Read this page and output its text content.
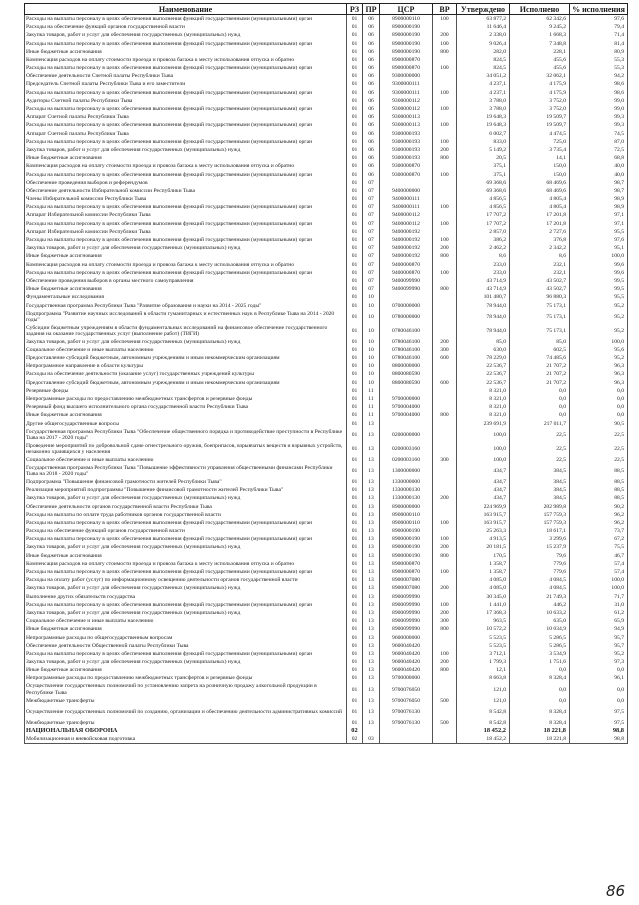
Наименование	РЗ	ПР	ЦСР	ВР	Утверждено	Исполнено	% исполнения
Расходы на выплаты персоналу в целях обеспечения выполнения функций государственными (муниципальными) орган	01	06	8900000110	100	63 877,2	62 342,6	97,6
Расходы на обеспечение функций органов государственной власти	01	06	8900000190		11 646,4	9 245,2	79,4
Закупка товаров, работ и услуг для обеспечения государственных (муниципальных) нужд	01	06	8900000190	200	2 338,0	1 668,3	71,4
Расходы на выплаты персоналу в целях обеспечения выполнения функций государственными (муниципальными) орган	01	06	8900000190	100	9 026,4	7 348,8	81,4
Иные бюджетные ассигнования	01	06	8900000190	800	282,0	228,1	80,9
Компенсация расходов на оплату стоимости проезда и провоза багажа к месту использования отпуска и обратно	01	06	8900000870		824,5	455,6	55,3
Расходы на выплаты персоналу в целях обеспечения выполнения функций государственными (муниципальными) орган	01	06	8900000870	100	824,5	455,6	55,3
Обеспечение деятельности Счетной палаты Республики Тыва	01	06	9300000000		34 051,2	32 062,1	94,2
Председатель Счетной палаты Республики Тыва и его заместители	01	06	9300000111		4 237,1	4 175,9	98,6
Расходы на выплаты персоналу в целях обеспечения выполнения функций государственными (муниципальными) орган	01	06	9300000111	100	4 237,1	4 175,9	98,6
Аудиторы Счетной палаты Республики Тыва	01	06	9300000112		3 788,0	3 752,0	99,0
Расходы на выплаты персоналу в целях обеспечения выполнения функций государственными (муниципальными) орган	01	06	9300000112	100	3 788,0	3 752,0	99,0
Аппарат Счетной палаты Республики Тыва	01	06	9300000113		19 648,3	19 509,7	99,3
Расходы на выплаты персоналу в целях обеспечения выполнения функций государственными (муниципальными) орган	01	06	9300000113	100	19 648,3	19 509,7	99,3
Аппарат Счетной палаты Республики Тыва	01	06	9300000193		6 002,7	4 474,5	74,5
Расходы на выплаты персоналу в целях обеспечения выполнения функций государственными (муниципальными) орган	01	06	9300000193	100	833,0	725,0	87,0
Закупка товаров, работ и услуг для обеспечения государственных (муниципальных) нужд	01	06	9300000193	200	5 149,2	3 735,4	72,5
Иные бюджетные ассигнования	01	06	9300000193	800	20,5	14,1	68,8
Компенсация расходов на оплату стоимости проезда и провоза багажа к месту использования отпуска и обратно	01	06	9300000870		375,1	150,0	40,0
Расходы на выплаты персоналу в целях обеспечения выполнения функций государственными (муниципальными) орган	01	06	9300000870	100	375,1	150,0	40,0
Обеспечение проведения выборов и референдумов	01	07			69 368,6	68 469,6	98,7
Обеспечение деятельности Избирательной комиссии Республики Тыва	01	07	9400000000		69 368,6	68 469,6	98,7
Члены Избирательной комиссии Республики Тыва	01	07	9400000111		4 856,5	4 805,4	98,9
Расходы на выплаты персоналу в целях обеспечения выполнения функций государственными (муниципальными) орган	01	07	9400000111	100	4 856,5	4 805,4	98,9
Аппарат Избирательной комиссии Республики Тыва	01	07	9400000112		17 707,2	17 201,8	97,1
Расходы на выплаты персоналу в целях обеспечения выполнения функций государственными (муниципальными) орган	01	07	9400000112	100	17 707,2	17 201,8	97,1
Аппарат Избирательной комиссии Республики Тыва	01	07	9400000192		2 857,0	2 727,6	95,5
Расходы на выплаты персоналу в целях обеспечения выполнения функций государственными (муниципальными) орган	01	07	9400000192	100	386,2	376,8	97,6
Закупка товаров, работ и услуг для обеспечения государственных (муниципальных) нужд	01	07	9400000192	200	2 462,2	2 342,2	95,1
Иные бюджетные ассигнования	01	07	9400000192	800	8,6	8,6	100,0
Компенсация расходов на оплату стоимости проезда и провоза багажа к месту использования отпуска и обратно	01	07	9400000870		233,0	232,1	99,6
Расходы на выплаты персоналу в целях обеспечения выполнения функций государственными (муниципальными) орган	01	07	9400000870	100	233,0	232,1	99,6
Обеспечение проведения выборов в органы местного самоуправления	01	07	9400099990		43 714,9	43 502,7	99,5
Иные бюджетные ассигнования	01	07	9400099990	800	43 714,9	43 502,7	99,5
Фундаментальные исследования	01	10			101 480,7	96 880,3	95,5
Государственная программа Республики Тыва "Развитие образования и науки на 2014 - 2025 годы"	01	10	0700000000		78 944,0	75 173,1	95,2
Подпрограмма "Развитие научных исследований в области гуманитарных и естественных наук в Республике Тыва на 2014 - 2020 годы"	01	10	0780000000		78 944,0	75 173,1	95,2
Субсидии бюджетным учреждениям в области фундаментальных исследований на финансовое обеспечение государственного задания на оказание государственных услуг (выполнение работ) (ТИГИ)	01	10	0780046100		78 944,0	75 173,1	95,2
Закупка товаров, работ и услуг для обеспечения государственных (муниципальных) нужд	01	10	0780046100	200	85,0	85,0	100,0
Социальное обеспечение и иные выплаты населению	01	10	0780046100	300	630,0	602,5	95,6
Предоставление субсидий бюджетным, автономным учреждениям и иным некоммерческим организациям	01	10	0780046100	600	78 229,0	74 485,6	95,2
Непрограммное направление в области культуры	01	10	8800000000		22 536,7	21 707,2	96,3
Расходы на обеспечение деятельности (оказание услуг) государственных учреждений культуры	01	10	8800080590		22 536,7	21 707,2	96,3
Предоставление субсидий бюджетным, автономным учреждениям и иным некоммерческим организациям	01	10	8800080590	600	22 536,7	21 707,2	96,3
Резервные фонды	01	11			8 321,0	0,0	0,0
Непрограммные расходы по предоставлению межбюджетных трансфертов и резервные фонды	01	11	9700000000		8 321,0	0,0	0,0
Резервный фонд высшего исполнительного органа государственной власти Республики Тыва	01	11	9700004000		8 321,0	0,0	0,0
Иные бюджетные ассигнования	01	11	9700004000	800	8 321,0	0,0	0,0
Другие общегосударственные вопросы	01	13			239 691,9	217 011,7	90,5
Государственная программа Республики Тыва "Обеспечение общественного порядка и противодействие преступности в Республике Тыва на 2017 - 2020 годы"	01	13	0200000000		100,0	22,5	22,5
Проведение мероприятий по добровольной сдаче огнестрельного оружия, боеприпасов, взрывчатых веществ и взрывных устройств, незаконно хранящихся у населения	01	13	0200003160		100,0	22,5	22,5
Социальное обеспечение и иные выплаты населению	01	13	0200003160	300	100,0	22,5	22,5
Государственная программа Республики Тыва "Повышение эффективности управления общественными финансами Республики Тыва на 2018 - 2020 годы"	01	13	1300000000		434,7	384,5	88,5
Подпрограмма "Повышение финансовой грамотности жителей Республики Тыва"	01	13	1330000000		434,7	384,5	88,5
Реализация мероприятий подпрограммы "Повышение финансовой грамотности жителей Республики Тыва"	01	13	1330000130		434,7	384,5	88,5
Закупка товаров, работ и услуг для обеспечения государственных (муниципальных) нужд	01	13	1330000130	200	434,7	384,5	88,5
Обеспечение деятельности органов государственной власти Республики Тыва	01	13	8900000000		224 969,9	202 989,8	90,2
Расходы на выплаты по оплате труда работников органов государственной власти	01	13	8900000110		163 915,7	157 759,3	96,2
Расходы на выплаты персоналу в целях обеспечения выполнения функций государственными (муниципальными) орган	01	13	8900000110	100	163 915,7	157 759,3	96,2
Расходы на обеспечение функций органов государственной власти	01	13	8900000190		25 263,3	18 617,1	73,7
Расходы на выплаты персоналу в целях обеспечения выполнения функций государственными (муниципальными) орган	01	13	8900000190	100	4 913,5	3 299,6	67,2
Закупка товаров, работ и услуг для обеспечения государственных (муниципальных) нужд	01	13	8900000190	200	20 181,5	15 237,9	75,5
Иные бюджетные ассигнования	01	13	8900000190	800	170,5	79,6	46,7
Компенсация расходов на оплату стоимости проезда и провоза багажа к месту использования отпуска и обратно	01	13	8900000870		1 358,7	779,6	57,4
Расходы на выплаты персоналу в целях обеспечения выполнения функций государственными (муниципальными) орган	01	13	8900000870	100	1 358,7	779,6	57,4
Расходы на оплату работ (услуг) по информационному освещению деятельности органов государственной власти	01	13	8900007080		4 085,0	4 084,5	100,0
Закупка товаров, работ и услуг для обеспечения государственных (муниципальных) нужд	01	13	8900007080	200	4 085,0	4 084,5	100,0
Выполнение других обязательств государства	01	13	8900099990		30 345,0	21 749,3	71,7
Расходы на выплаты персоналу в целях обеспечения выполнения функций государственными (муниципальными) орган	01	13	8900099990	100	1 441,0	446,2	31,0
Закупка товаров, работ и услуг для обеспечения государственных (муниципальных) нужд	01	13	8900099990	200	17 368,3	10 633,2	61,2
Социальное обеспечение и иные выплаты населению	01	13	8900099990	300	963,5	635,0	65,9
Иные бюджетные ассигнования	01	13	8900099990	800	10 572,2	10 034,9	94,9
Непрограммные расходы по общегосударственным вопросам	01	13	9600000000		5 523,5	5 286,5	95,7
Обеспечение деятельности Общественной палаты Республики Тыва	01	13	9600040420		5 523,5	5 286,5	95,7
Расходы на выплаты персоналу в целях обеспечения выполнения функций государственными (муниципальными) орган	01	13	9600040420	100	3 712,1	3 534,9	95,2
Закупка товаров, работ и услуг для обеспечения государственных (муниципальных) нужд	01	13	9600040420	200	1 799,3	1 751,6	97,3
Иные бюджетные ассигнования	01	13	9600040420	800	12,1	0,0	0,0
Непрограммные расходы по предоставлению межбюджетных трансфертов и резервные фонды	01	13	9700000000		8 663,8	8 328,4	96,1
Осуществление государственных полномочий по установлению запрета на розничную продажу алкогольной продукции в Республике Тыва	01	13	9700076050		121,0	0,0	0,0
Межбюджетные трансферты	01	13	9700076050	500	121,0	0,0	0,0
Осуществление государственных полномочий по созданию, организации и обеспечению деятельности административных комиссий	01	13	9700076130		8 542,8	8 328,4	97,5
Межбюджетные трансферты	01	13	9700076130	500	8 542,8	8 328,4	97,5
НАЦИОНАЛЬНАЯ ОБОРОНА	02				18 452,2	18 221,8	98,8
Мобилизационная и вневойсковая подготовка	02	03			18 452,2	18 221,8	98,8
86
